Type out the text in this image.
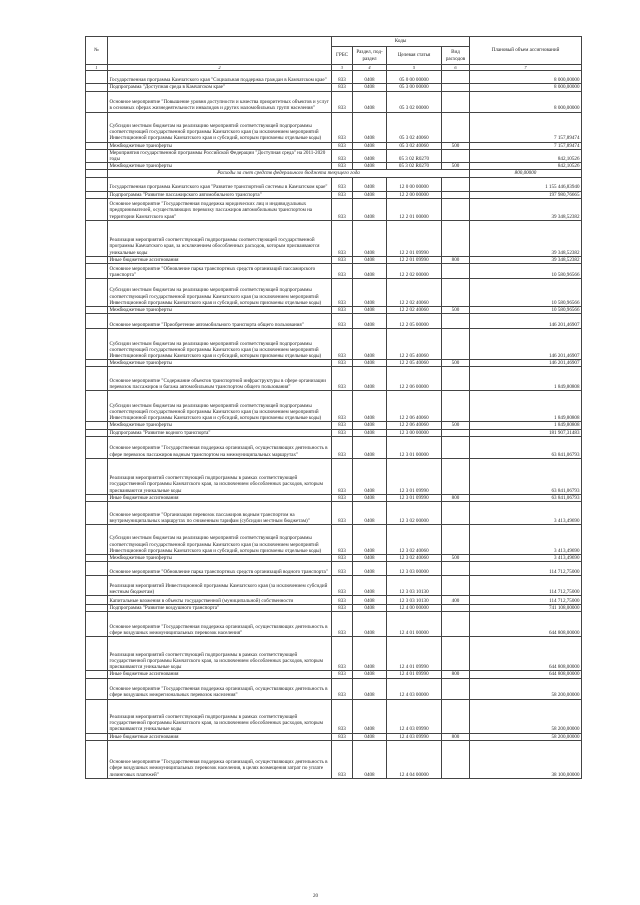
№		Коды				Плановый объем ассигнований
		ГРБС	Раздел, под-раздел	Целевая статья	Вид расходов	
1	2	3	4	5	6	7
	Государственная программа Камчатского края "Социальная поддержка граждан в Камчатском крае"	833	0408	05 0 00 00000		8 000,00000
	Подпрограмма "Доступная среда в Камчатском крае"	833	0408	05 3 00 00000		8 000,00000
	Основное мероприятие "Повышение уровня доступности и качества приоритетных объектов и услуг в основных сферах жизнедеятельности инвалидов и других маломобильных групп населения"	833	0408	05 3 02 00000		8 000,00000
	Субсидии местным бюджетам на реализацию мероприятий соответствующей подпрограммы соответствующей государственной программы Камчатского края (за исключением мероприятий Инвестиционной программы Камчатского края и субсидий, которым присвоены отдельные коды)	833	0408	05 3 02 40060		7 157,89474
	Межбюджетные трансферты	833	0408	05 3 02 40060	500	7 157,89474
	Мероприятия государственной программы Российской Федерации "Доступная среда" на 2011-2020 годы	833	0408	05 3 02 R0270		842,10526
	Межбюджетные трансферты	833	0408	05 3 02 R0270	500	842,10526
	Расходы за счет средств федерального бюджета текущего года					800,00000
	Государственная программа Камчатского края "Развитие транспортной системы в Камчатском крае"	833	0408	12 0 00 00000		1 155 446,83940
	Подпрограмма "Развитие пассажирского автомобильного транспорта"	833	0408	12 2 00 00000		197 980,76665
	Основное мероприятие "Государственная поддержка юридических лиц и индивидуальных предпринимателей, осуществляющих перевозку пассажиров автомобильным транспортом на территории Камчатского края"	833	0408	12 2 01 00000		39 348,52382
	Реализация мероприятий соответствующей подпрограммы соответствующей государственной программы Камчатского края, за исключением обособленных расходов, которым присваиваются уникальные коды	833	0408	12 2 01 09990		39 348,52382
	Иные бюджетные ассигнования	833	0408	12 2 01 09990	800	39 348,52382
	Основное мероприятие "Обновление парка транспортных средств организаций пассажирского транспорта"	833	0408	12 2 02 00000		10 580,96566
	Субсидии местным бюджетам на реализацию мероприятий соответствующей подпрограммы соответствующей государственной программы Камчатского края (за исключением мероприятий Инвестиционной программы Камчатского края и субсидий, которым присвоены отдельные коды)	833	0408	12 2 02 40060		10 580,96566
	Межбюджетные трансферты	833	0408	12 2 02 40060	500	10 580,96566
	Основное мероприятие "Приобретение автомобильного транспорта общего пользования"	833	0408	12 2 05 00000		146 201,46907
	Субсидии местным бюджетам на реализацию мероприятий соответствующей подпрограммы соответствующей государственной программы Камчатского края (за исключением мероприятий Инвестиционной программы Камчатского края и субсидий, которым присвоены отдельные коды)	833	0408	12 2 05 40060		146 201,46907
	Межбюджетные трансферты	833	0408	12 2 05 40060	500	146 201,46907
	Основное мероприятие "Содержание объектов транспортной инфраструктуры в сфере организации перевозок пассажиров и багажа автомобильным транспортом общего пользования"	833	0408	12 2 06 00000		1 849,80808
	Субсидии местным бюджетам на реализацию мероприятий соответствующей подпрограммы соответствующей государственной программы Камчатского края (за исключением мероприятий Инвестиционной программы Камчатского края и субсидий, которым присвоены отдельные коды)	833	0408	12 2 06 40060		1 849,80808
	Межбюджетные трансферты	833	0408	12 2 06 40060	500	1 849,80808
	Подпрограмма "Развитие водного транспорта"	833	0408	12 3 00 00000		181 907,31483
	Основное мероприятие "Государственная поддержка организаций, осуществляющих деятельность в сфере перевозок пассажиров водным транспортом на межмуниципальных маршрутах"	833	0408	12 3 01 00000		63 841,06793
	Реализация мероприятий соответствующей подпрограммы в рамках соответствующей государственной программы Камчатского края, за исключением обособленных расходов, которым присваиваются уникальные коды	833	0408	12 3 01 09990		63 841,06793
	Иные бюджетные ассигнования	833	0408	12 3 01 09990	800	63 841,06793
	Основное мероприятие "Организация перевозок пассажиров водным транспортом на внутримуниципальных маршрутах по сниженным тарифам (субсидии местным бюджетам)"	833	0408	12 3 02 00000		3 413,49690
	Субсидии местным бюджетам на реализацию мероприятий соответствующей подпрограммы соответствующей государственной программы Камчатского края (за исключением мероприятий Инвестиционной программы Камчатского края и субсидий, которым присвоены отдельные коды)	833	0408	12 3 02 40060		3 413,49690
	Межбюджетные трансферты	833	0408	12 3 02 40060	500	3 413,49690
	Основное мероприятие "Обновление парка транспортных средств организаций водного транспорта"	833	0408	12 3 03 00000		114 712,75000
	Реализация мероприятий Инвестиционной программы Камчатского края (за исключением субсидий местным бюджетам)	833	0408	12 3 03 10130		114 712,75000
	Капитальные вложения в объекты государственной (муниципальной) собственности	833	0408	12 3 03 10130	400	114 712,75000
	Подпрограмма "Развитие воздушного транспорта"	833	0408	12 4 00 00000		741 108,00000
	Основное мероприятие "Государственная поддержка организаций, осуществляющих деятельность в сфере воздушных межмуниципальных перевозок населения"	833	0408	12 4 01 00000		644 808,00000
	Реализация мероприятий соответствующей подпрограммы в рамках соответствующей государственной программы Камчатского края, за исключением обособленных расходов, которым присваиваются уникальные коды	833	0408	12 4 01 09990		644 808,00000
	Иные бюджетные ассигнования	833	0408	12 4 01 09990	800	644 808,00000
	Основное мероприятие "Государственная поддержка организаций, осуществляющих деятельность в сфере воздушных межрегиональных перевозок населения"	833	0408	12 4 03 00000		58 200,00000
	Реализация мероприятий соответствующей подпрограммы в рамках соответствующей государственной программы Камчатского края, за исключением обособленных расходов, которым присваиваются уникальные коды	833	0408	12 4 03 09990		58 200,00000
	Иные бюджетные ассигнования	833	0408	12 4 03 09990	800	58 200,00000
	Основное мероприятие "Государственная поддержка организаций, осуществляющих деятельность в сфере воздушных межмуниципальных перевозок населения, в целях возмещения затрат по уплате лизинговых платежей"	833	0408	12 4 04 00000		38 100,00000
20
